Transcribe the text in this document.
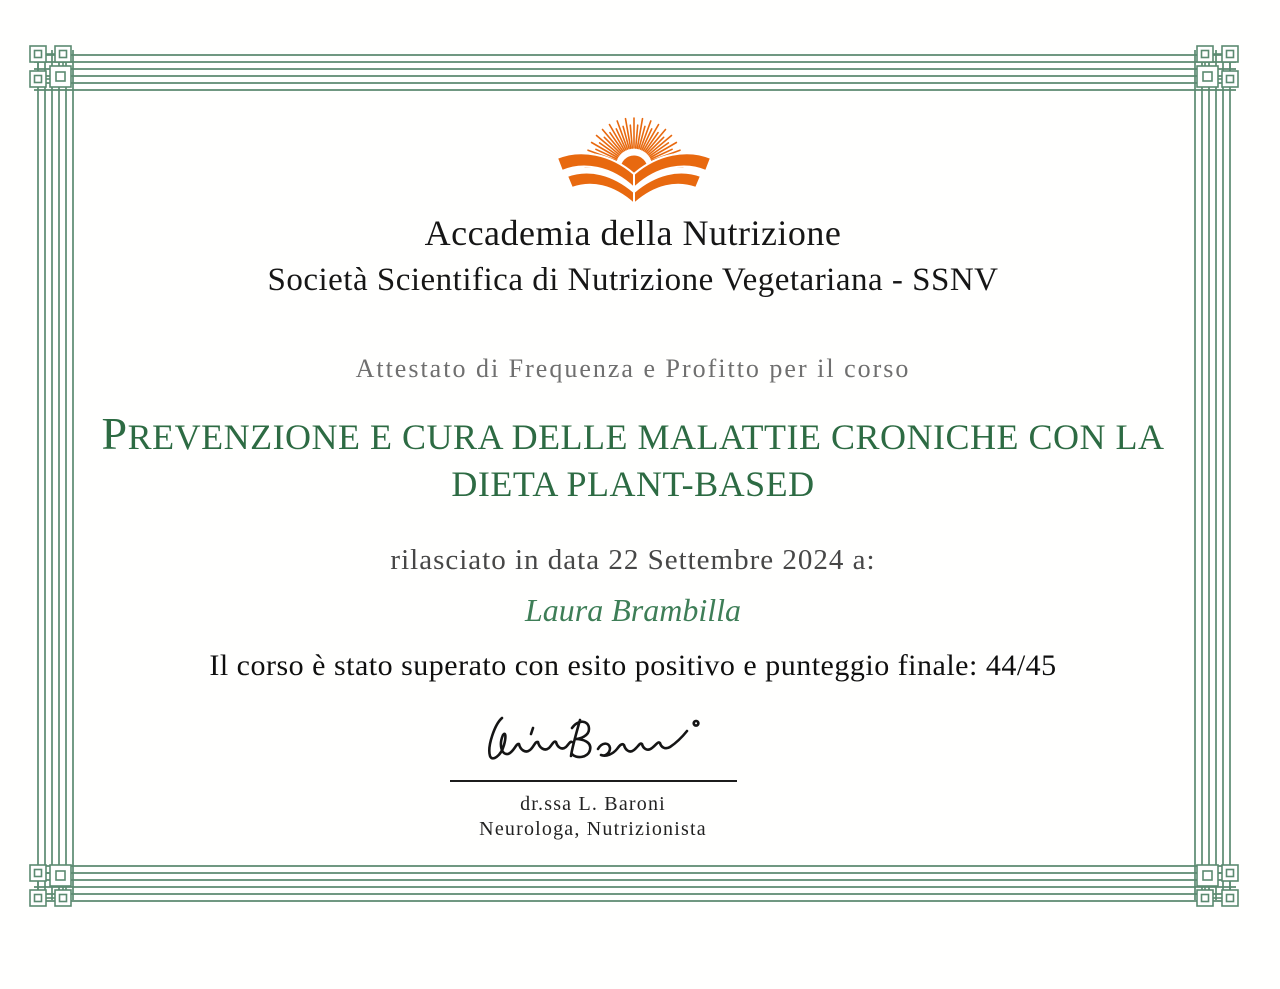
Accademia della Nutrizione
Società Scientifica di Nutrizione Vegetariana - SSNV
Attestato di Frequenza e Profitto per il corso
PREVENZIONE E CURA DELLE MALATTIE CRONICHE CON LA
DIETA PLANT-BASED
rilasciato in data 22 Settembre 2024 a:
Laura Brambilla
Il corso è stato superato con esito positivo e punteggio finale: 44/45
dr.ssa L. Baroni
Neurologa, Nutrizionista
